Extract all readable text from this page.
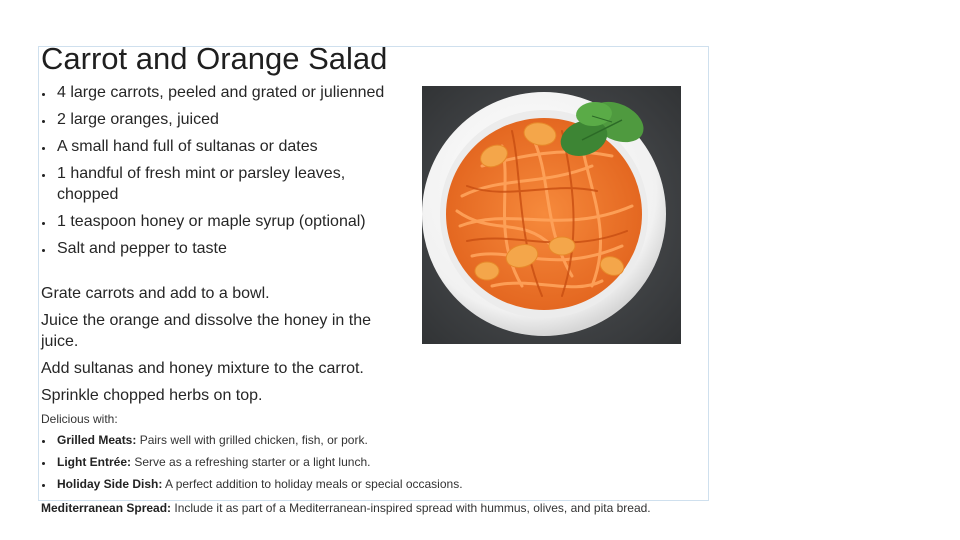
Carrot and Orange Salad
4 large carrots, peeled and grated or julienned
2 large oranges, juiced
A small hand full of sultanas or dates
1 handful of fresh mint or parsley leaves, chopped
1 teaspoon honey or maple syrup (optional)
Salt and pepper to taste

Grate carrots and add to a bowl.

Juice the orange and dissolve the honey in the juice.

Add sultanas and honey mixture to the carrot.

Sprinkle chopped herbs on top.

Delicious with:
Grilled Meats: Pairs well with grilled chicken, fish, or pork.
Light Entrée: Serve as a refreshing starter or a light lunch.
Holiday Side Dish: A perfect addition to holiday meals or special occasions.
Mediterranean Spread: Include it as part of a Mediterranean-inspired spread with hummus, olives, and pita bread.
